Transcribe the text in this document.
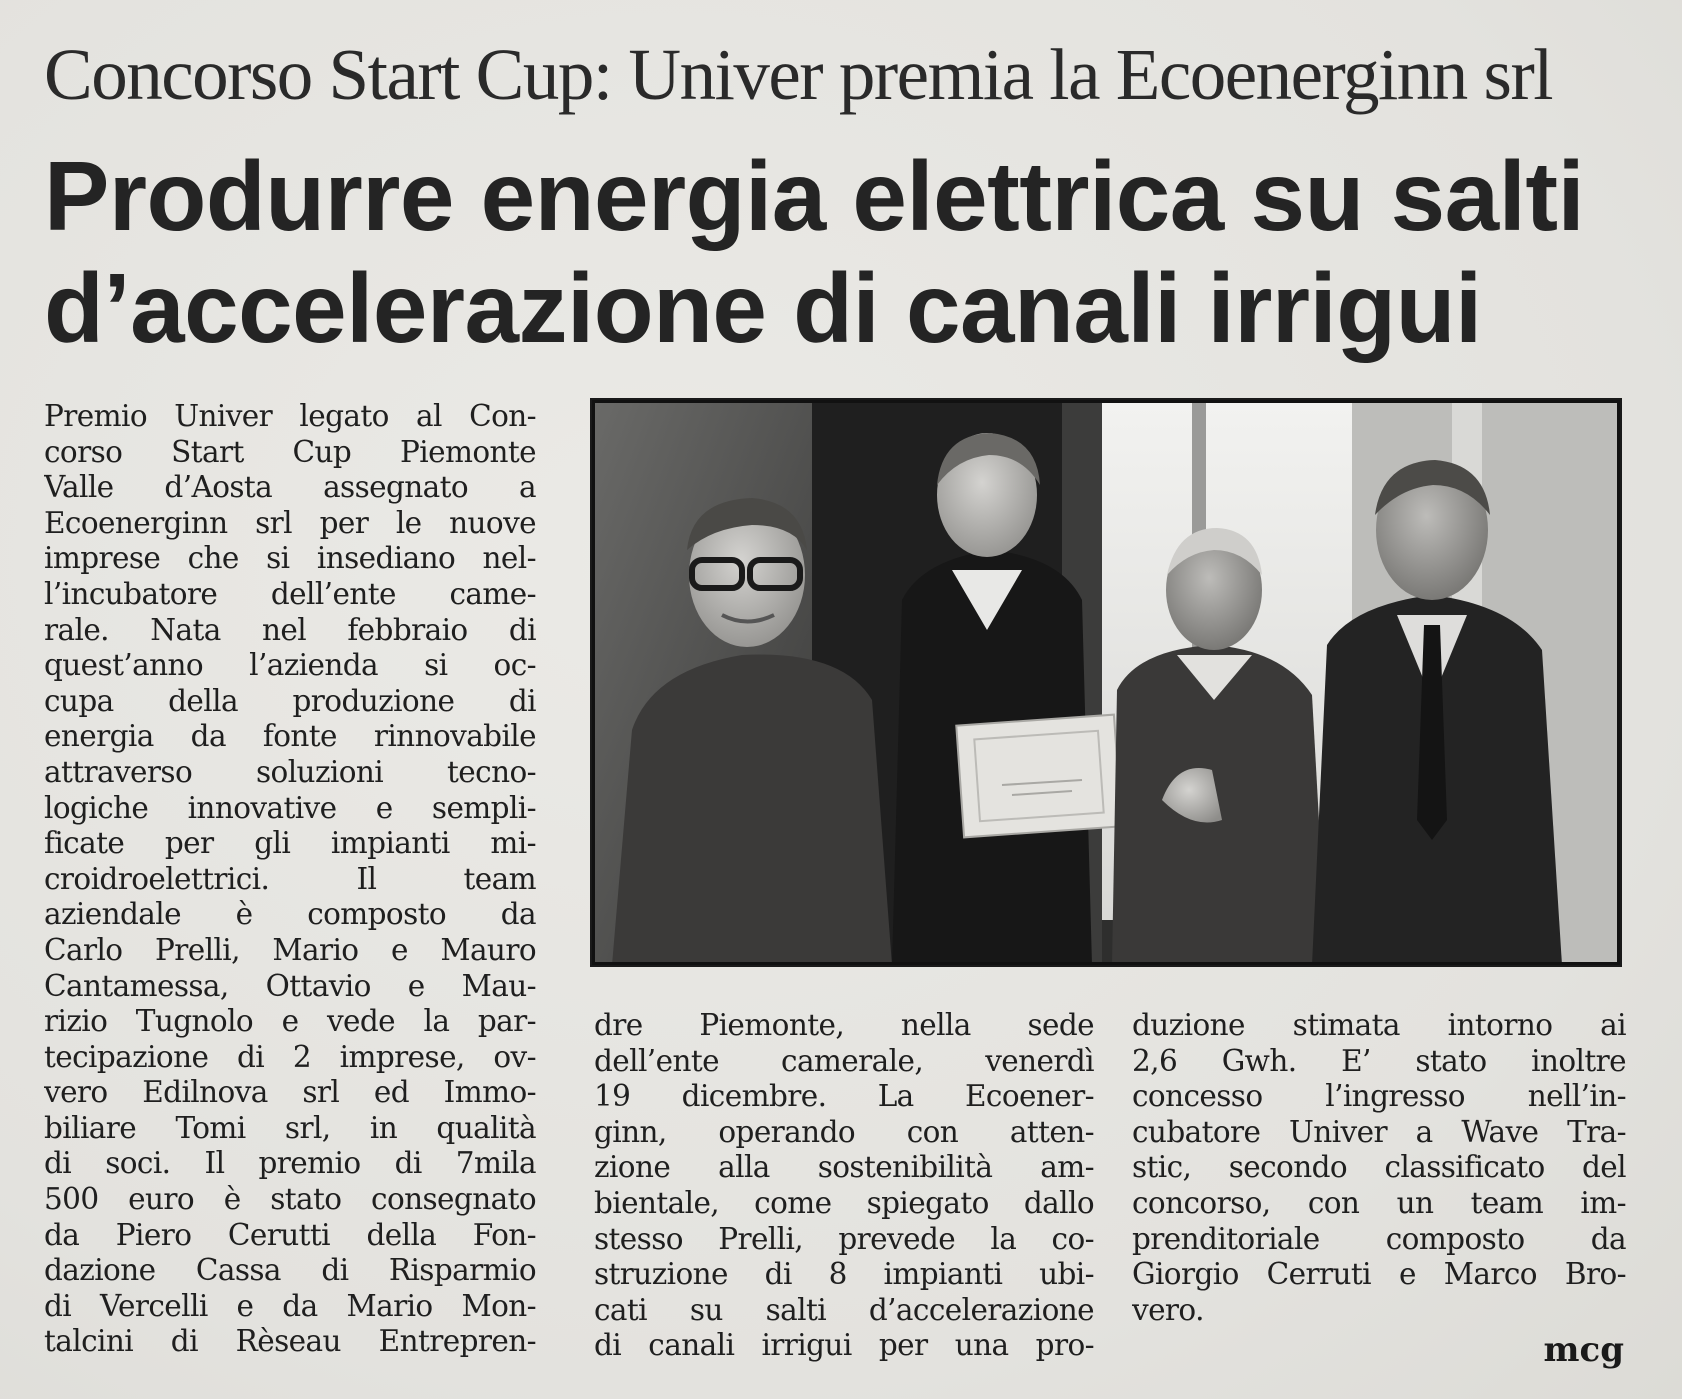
Concorso Start Cup: Univer premia la Ecoenerginn srl
Produrre energia elettrica su salti
d’accelerazione di canali irrigui
Premio Univer legato al Con-
corso Start Cup Piemonte
Valle d’Aosta assegnato a
Ecoenerginn srl per le nuove
imprese che si insediano nel-
l’incubatore dell’ente came-
rale. Nata nel febbraio di
quest’anno l’azienda si oc-
cupa della produzione di
energia da fonte rinnovabile
attraverso soluzioni tecno-
logiche innovative e sempli-
ficate per gli impianti mi-
croidroelettrici. Il team
aziendale è composto da
Carlo Prelli, Mario e Mauro
Cantamessa, Ottavio e Mau-
rizio Tugnolo e vede la par-
tecipazione di 2 imprese, ov-
vero Edilnova srl ed Immo-
biliare Tomi srl, in qualità
di soci. Il premio di 7mila
500 euro è stato consegnato
da Piero Cerutti della Fon-
dazione Cassa di Risparmio
di Vercelli e da Mario Mon-
talcini di Rèseau Entrepren-
dre Piemonte, nella sede
dell’ente camerale, venerdì
19 dicembre. La Ecoener-
ginn, operando con atten-
zione alla sostenibilità am-
bientale, come spiegato dallo
stesso Prelli, prevede la co-
struzione di 8 impianti ubi-
cati su salti d’accelerazione
di canali irrigui per una pro-
duzione stimata intorno ai
2,6 Gwh. E’ stato inoltre
concesso l’ingresso nell’in-
cubatore Univer a Wave Tra-
stic, secondo classificato del
concorso, con un team im-
prenditoriale composto da
Giorgio Cerruti e Marco Bro-
vero.
mcg
